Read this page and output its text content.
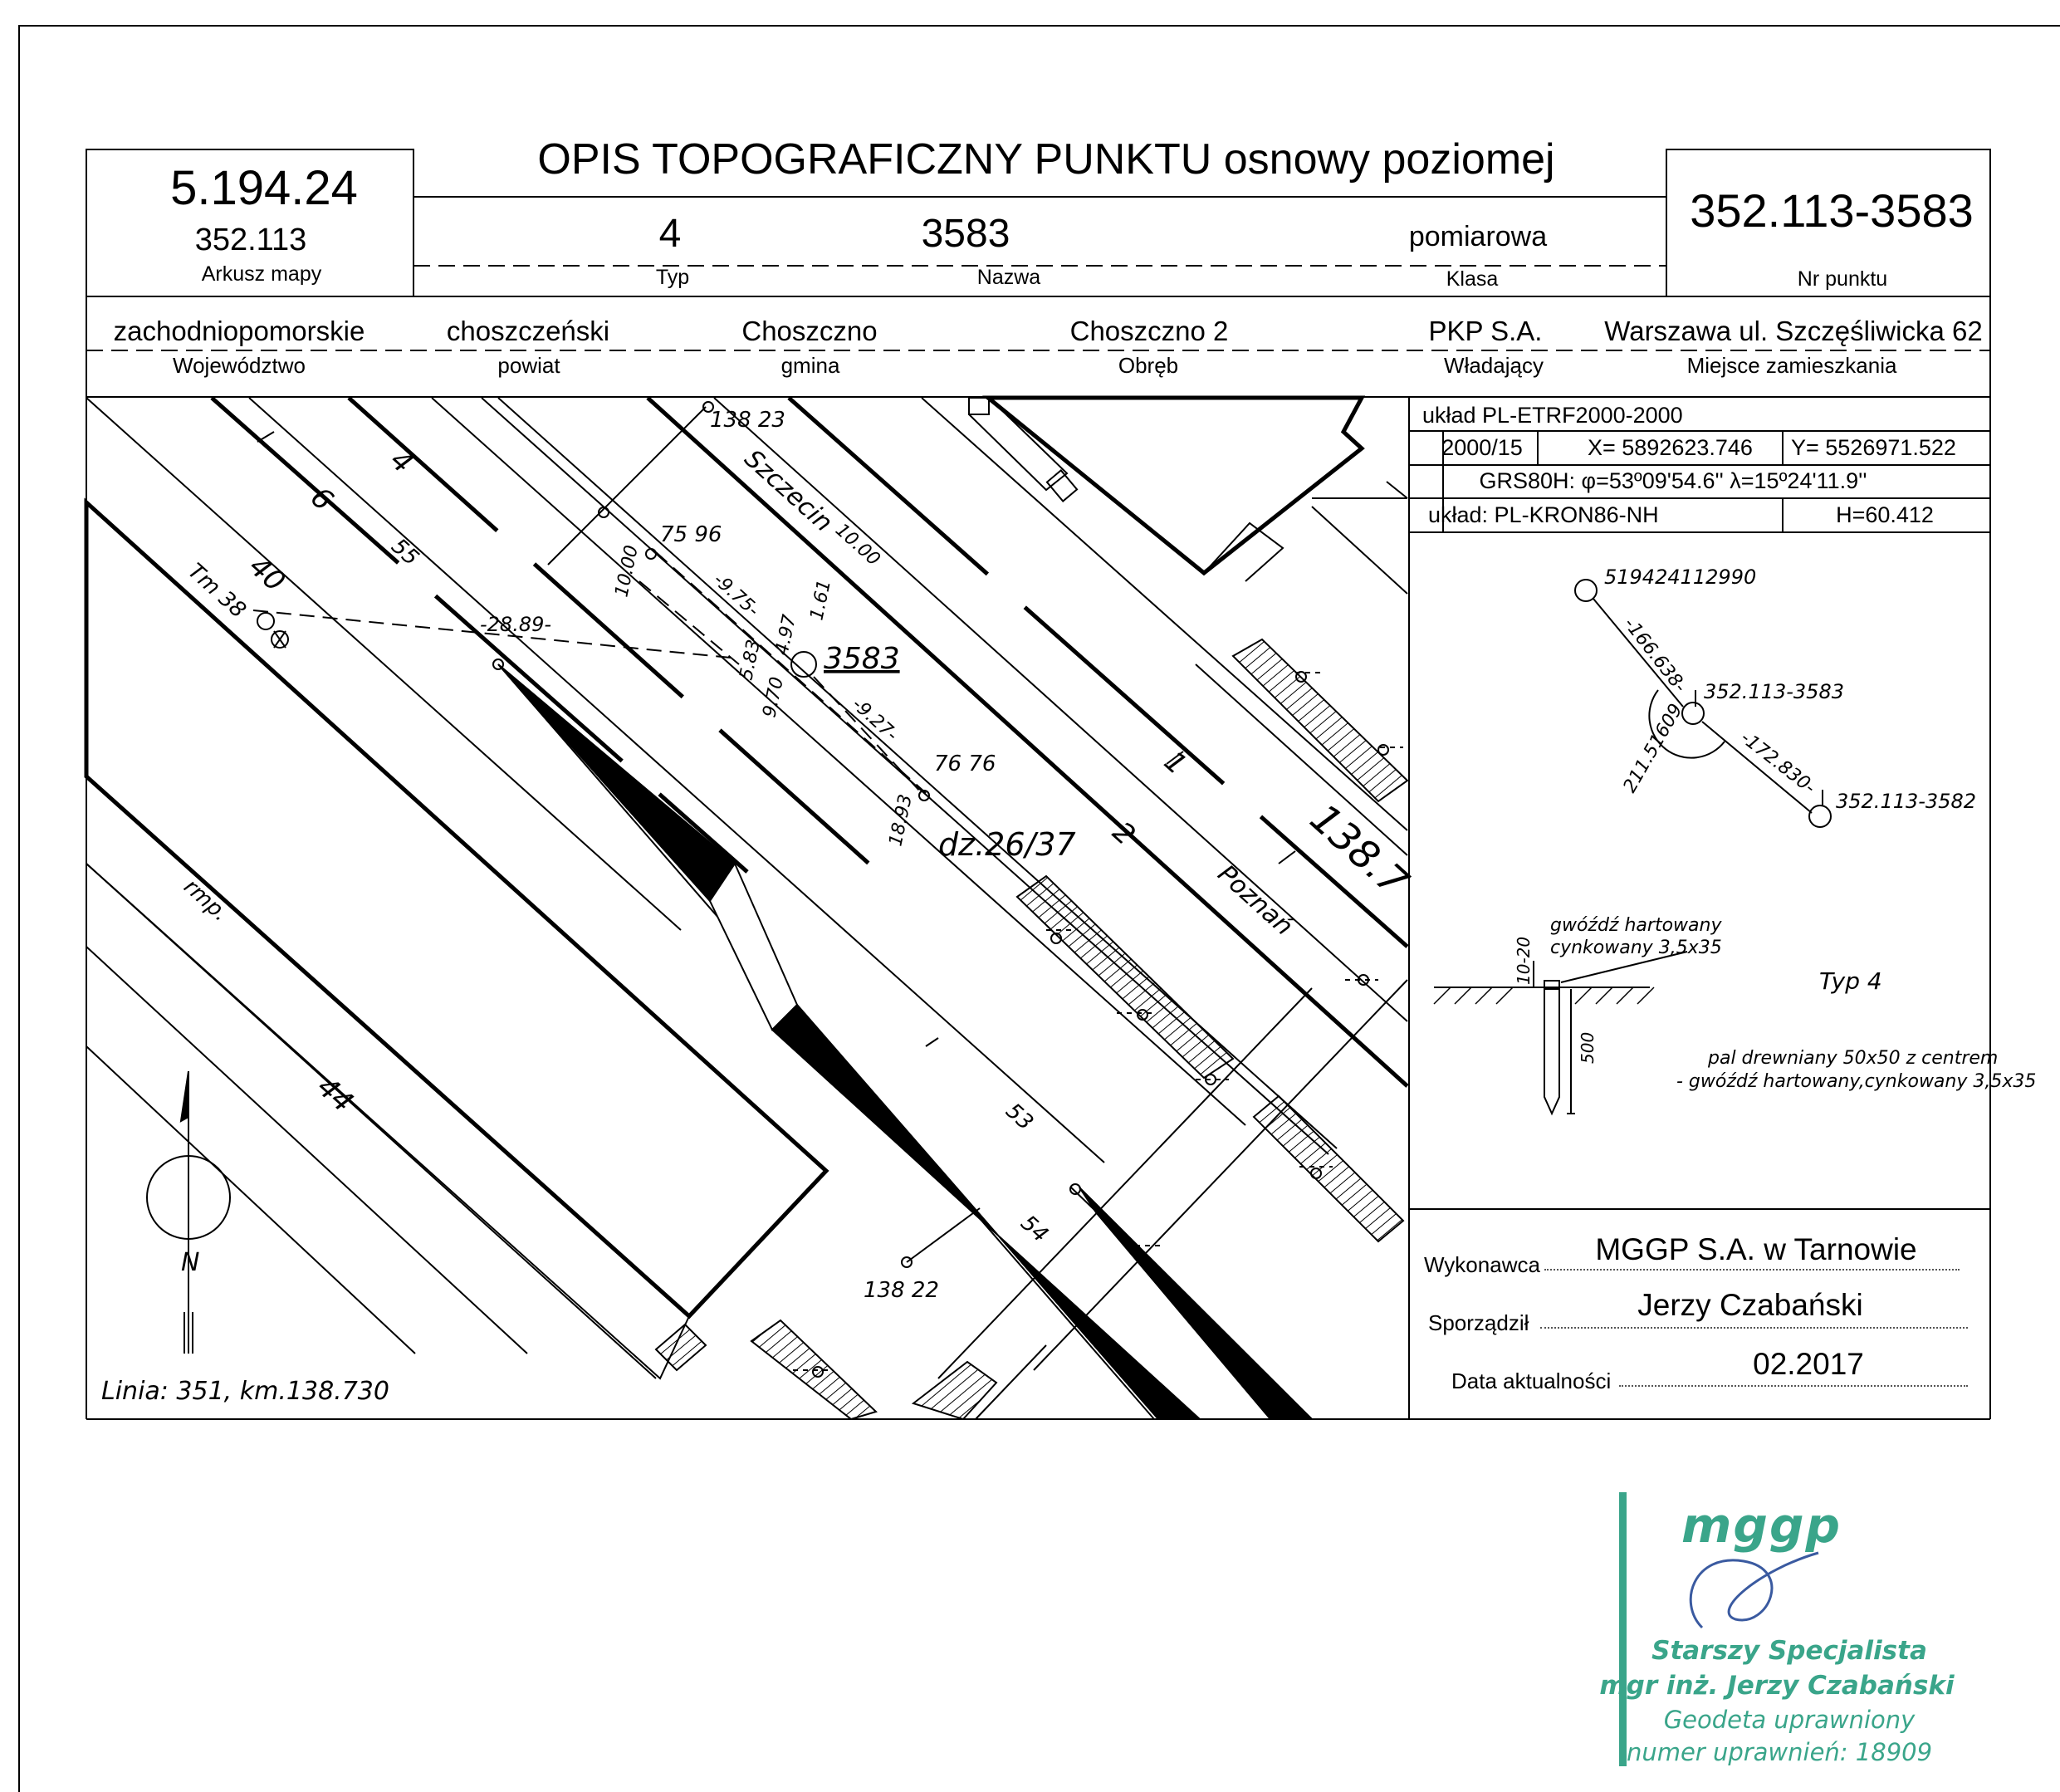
OPIS TOPOGRAFICZNY PUNKTU osnowy poziomej
5.194.24
352.113
Arkusz mapy
4
Typ
3583
Nazwa
pomiarowa
Klasa
352.113-3583
Nr punktu
zachodniopomorskie
Województwo
choszczeński
powiat
Choszczno
gmina
Choszczno 2
Obręb
PKP S.A.
Władający
Warszawa ul. Szczęśliwicka 62
Miejsce zamieszkania
układ PL-ETRF2000-2000
2000/15	X= 5892623.746 Y= 5526971.522
GRS80H: φ=53º09'54.6'' λ=15º24'11.9''
układ: PL-KRON86-NH	H=60.412
519424112990
352.113-3583
352.113-3582
-166.638-
-172.830-
211.51609
gwóźdź hartowany
cynkowany 3,5x35
10-20
500
Typ 4
pal drewniany 50x50 z centrem
- gwóźdź hartowany,cynkowany 3,5x35
Wykonawca MGGP S.A. w Tarnowie
Sporządził
Jerzy Czabański
Data aktualności	02.2017
Linia: 351, km.138.730
3583
dz.26/37
138 23
138 22
138.7
Szczecin
Poznań
rmp.
Tm 38
75 96
76 76
-28.89-
-9.75-
-9.27-
10.00	10.00
5.83
4.97
9.70
1.61
18.93
4
6
40	55
53
54
44
1
2
N
mggp
Starszy Specjalista
mgr inż. Jerzy Czabański
Geodeta uprawniony
numer uprawnień: 18909
